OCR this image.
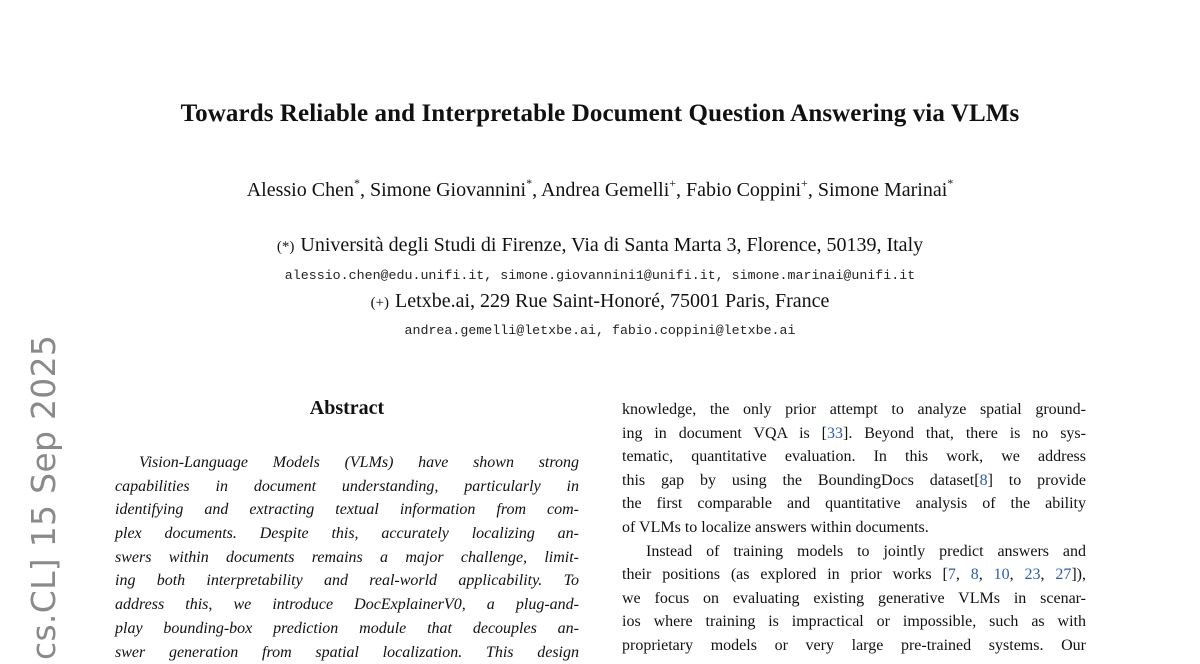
Towards Reliable and Interpretable Document Question Answering via VLMs
Alessio Chen*, Simone Giovannini*, Andrea Gemelli+, Fabio Coppini+, Simone Marinai*
(*) Università degli Studi di Firenze, Via di Santa Marta 3, Florence, 50139, Italy
alessio.chen@edu.unifi.it, simone.giovannini1@unifi.it, simone.marinai@unifi.it
(+) Letxbe.ai, 229 Rue Saint-Honoré, 75001 Paris, France
andrea.gemelli@letxbe.ai, fabio.coppini@letxbe.ai
cs.CL] 15 Sep 2025	Abstract
Vision-Language Models (VLMs) have shown strong
capabilities in document understanding, particularly in
identifying and extracting textual information from com-
plex documents. Despite this, accurately localizing an-
swers within documents remains a major challenge, limit-
ing both interpretability and real-world applicability. To
address this, we introduce DocExplainerV0, a plug-and-
play bounding-box prediction module that decouples an-
swer generation from spatial localization. This design
knowledge, the only prior attempt to analyze spatial ground-
ing in document VQA is [33]. Beyond that, there is no sys-
tematic, quantitative evaluation. In this work, we address
this gap by using the BoundingDocs dataset[8] to provide
the first comparable and quantitative analysis of the ability
of VLMs to localize answers within documents.
Instead of training models to jointly predict answers and
their positions (as explored in prior works [7, 8, 10, 23, 27]),
we focus on evaluating existing generative VLMs in scenar-
ios where training is impractical or impossible, such as with
proprietary models or very large pre-trained systems. Our
